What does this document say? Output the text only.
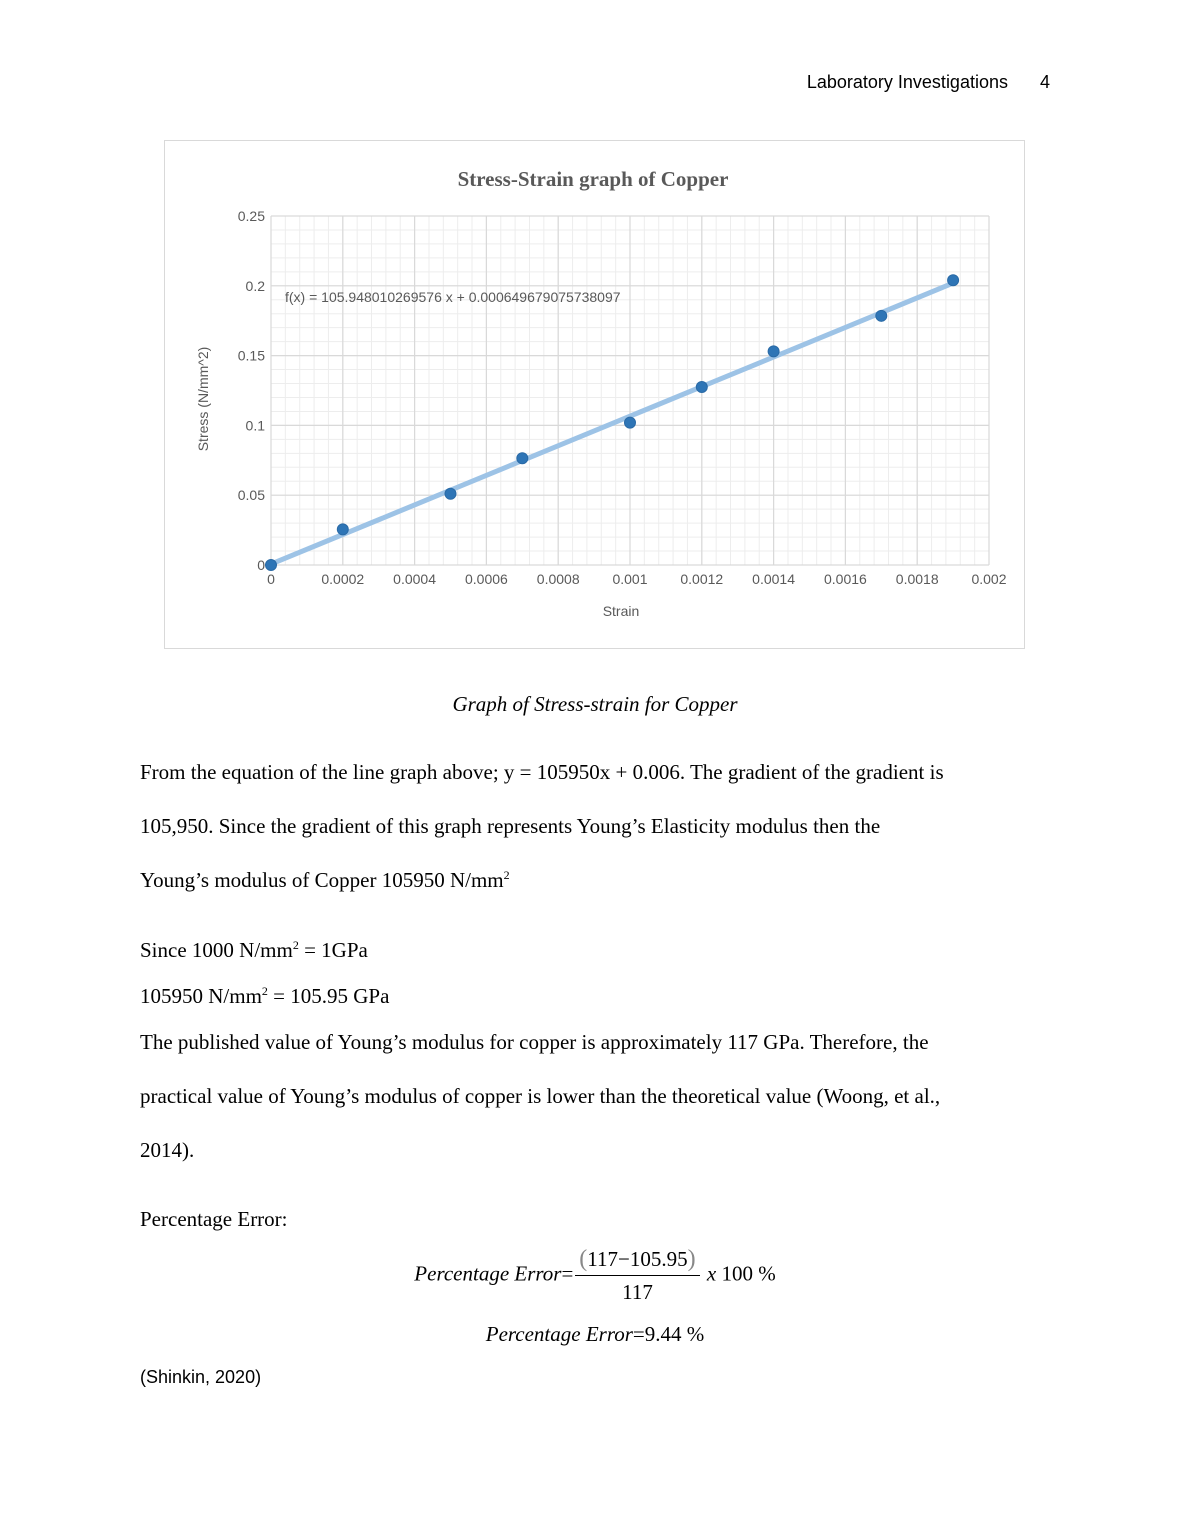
Laboratory Investigations 4
Stress-Strain graph of Copper
0	0.0002 0.0004 0.0006 0.0008 0.001 0.0012 0.0014 0.0016 0.0018 0.002
0
0.05
0.1
0.15
0.2
0.25
f(x) = 105.948010269576 x + 0.000649679075738097
Strain
Stress (N/mm^2)
Graph of Stress-strain for Copper

From the equation of the line graph above; y = 105950x + 0.006. The gradient of the gradient is

105,950. Since the gradient of this graph represents Young’s Elasticity modulus then the

Young’s modulus of Copper 105950 $N/mm^2$

Since 1000 $N/mm^2 = 1GPa$

105950 $N/mm^2 = 105.95$ GPa

The published value of Young’s modulus for copper is approximately 117 GPa. Therefore, the

practical value of Young’s modulus of copper is lower than the theoretical value (Woong, et al.,

2014).

Percentage Error:

Percentage Error= $\frac{(117-105.95)}{117}$ x 100 %
Percentage Error=9.44 %
(Shinkin, 2020)
